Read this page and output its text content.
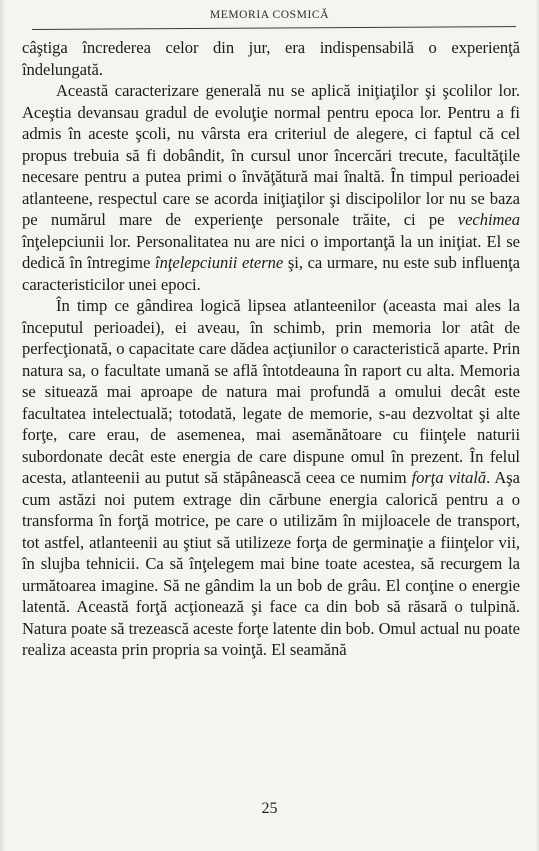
MEMORIA COSMICĂ

câştiga încrederea celor din jur, era indispensabilă o experienţă îndelungată.

Această caracterizare generală nu se aplică iniţiaţilor şi şcolilor lor. Aceştia devansau gradul de evoluţie normal pentru epoca lor. Pentru a fi admis în aceste şcoli, nu vârsta era criteriul de alegere, ci faptul că cel propus trebuia să fi dobândit, în cursul unor încercări trecute, facultăţile necesare pentru a putea primi o învăţătură mai înaltă. În timpul perioadei atlanteene, respectul care se acorda iniţiaţilor şi discipolilor lor nu se baza pe numărul mare de experienţe personale trăite, ci pe vechimea înţelepciunii lor. Personalitatea nu are nici o importanţă la un iniţiat. El se dedică în întregime înţelepciunii eterne şi, ca urmare, nu este sub influenţa caracteristicilor unei epoci.

În timp ce gândirea logică lipsea atlanteenilor (aceasta mai ales la începutul perioadei), ei aveau, în schimb, prin memoria lor atât de perfecţionată, o capacitate care dădea acţiunilor o caracteristică aparte. Prin natura sa, o facultate umană se află întotdeauna în raport cu alta. Memoria se situează mai aproape de natura mai profundă a omului decât este facultatea intelectuală; totodată, legate de memorie, s-au dezvoltat şi alte forţe, care erau, de asemenea, mai asemănătoare cu fiinţele naturii subordonate decât este energia de care dispune omul în prezent. În felul acesta, atlanteenii au putut să stăpânească ceea ce numim forţa vitală. Aşa cum astăzi noi putem extrage din cărbune energia calorică pentru a o transforma în forţă motrice, pe care o utilizăm în mijloacele de transport, tot astfel, atlanteenii au ştiut să utilizeze forţa de germinaţie a fiinţelor vii, în slujba tehnicii. Ca să înţelegem mai bine toate acestea, să recurgem la următoarea imagine. Să ne gândim la un bob de grâu. El conţine o energie latentă. Această forţă acţionează şi face ca din bob să răsară o tulpină. Natura poate să trezească aceste forţe latente din bob. Omul actual nu poate realiza aceasta prin propria sa voinţă. El seamănă

25
